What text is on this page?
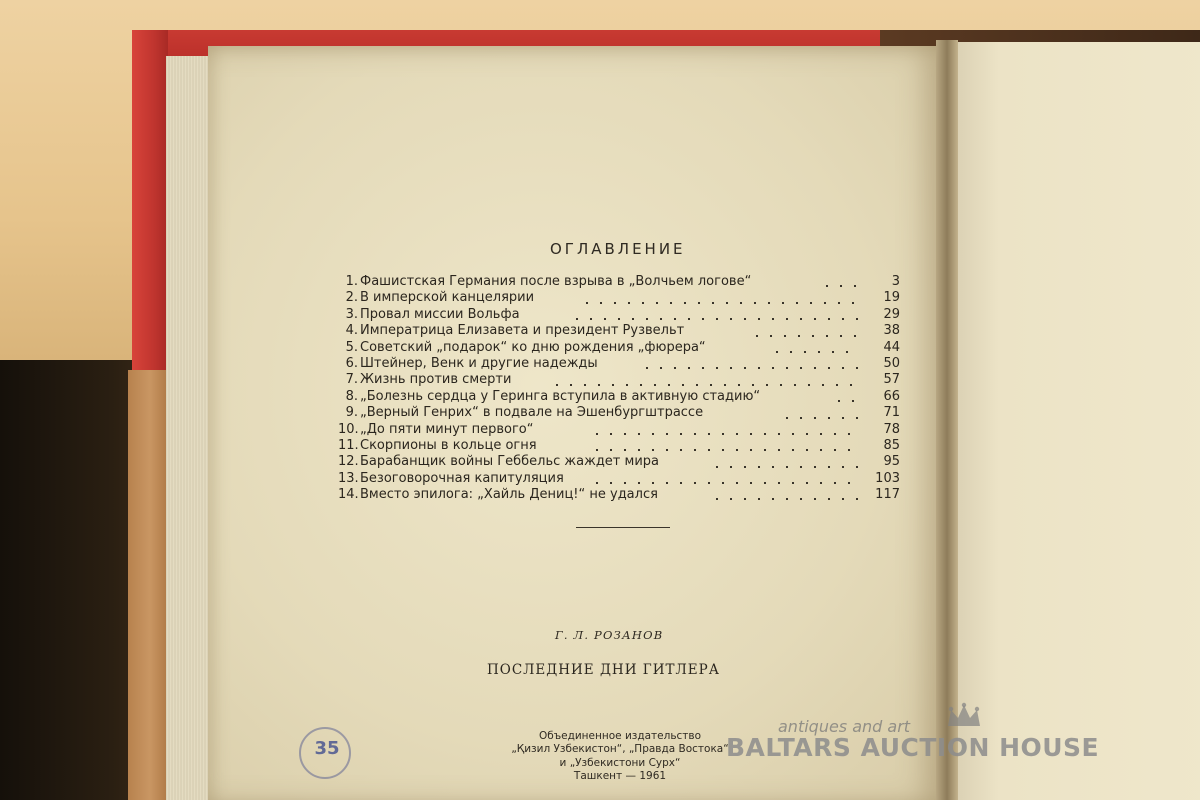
ОГЛАВЛЕНИЕ
1. Фашистская Германия после взрыва в „Волчьем логове“	3
2. В имперской канцелярии	19
3. Провал миссии Вольфа	29
4. Императрица Елизавета и президент Рузвельт	38
5. Советский „подарок“ ко дню рождения „фюрера“	44
6. Штейнер, Венк и другие надежды	50
7. Жизнь против смерти	57
8. „Болезнь сердца у Геринга вступила в активную стадию“	66
9. „Верный Генрих“ в подвале на Эшенбургштрассе	71
10. „До пяти минут первого“	78
11. Скорпионы в кольце огня	85
12. Барабанщик войны Геббельс жаждет мира	95
13. Безоговорочная капитуляция	103
14. Вместо эпилога: „Хайль Дениц!“ не удался	117
Г. Л. РОЗАНОВ
ПОСЛЕДНИЕ ДНИ ГИТЛЕРА
Объединенное издательство
„Қизил Узбекистон“, „Правда Востока“
и „Узбекистони Сурх“
Ташкент — 1961
35
antiques and art
BALTARS AUCTION HOUSE
